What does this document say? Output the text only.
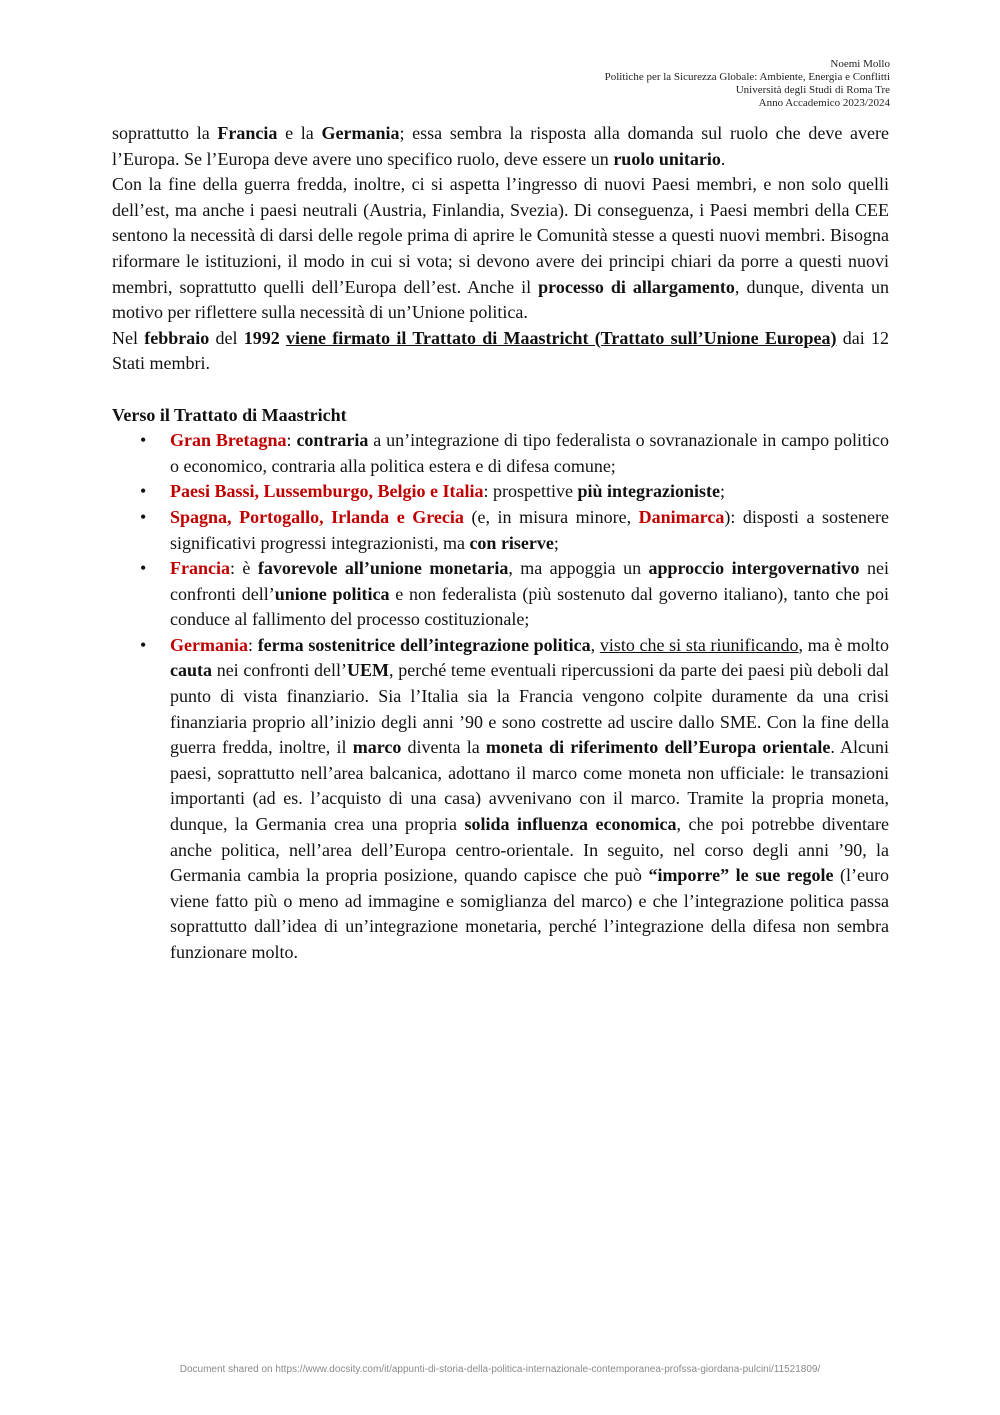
Noemi Mollo
Politiche per la Sicurezza Globale: Ambiente, Energia e Conflitti
Università degli Studi di Roma Tre
Anno Accademico 2023/2024

soprattutto la Francia e la Germania; essa sembra la risposta alla domanda sul ruolo che deve avere l’Europa. Se l’Europa deve avere uno specifico ruolo, deve essere un ruolo unitario.

Con la fine della guerra fredda, inoltre, ci si aspetta l’ingresso di nuovi Paesi membri, e non solo quelli dell’est, ma anche i paesi neutrali (Austria, Finlandia, Svezia). Di conseguenza, i Paesi membri della CEE sentono la necessità di darsi delle regole prima di aprire le Comunità stesse a questi nuovi membri. Bisogna riformare le istituzioni, il modo in cui si vota; si devono avere dei principi chiari da porre a questi nuovi membri, soprattutto quelli dell’Europa dell’est. Anche il processo di allargamento, dunque, diventa un motivo per riflettere sulla necessità di un’Unione politica.

Nel febbraio del 1992 viene firmato il Trattato di Maastricht (Trattato sull’Unione Europea) dai 12 Stati membri.

Verso il Trattato di Maastricht

• Gran Bretagna: contraria a un’integrazione di tipo federalista o sovranazionale in campo politico o economico, contraria alla politica estera e di difesa comune;
• Paesi Bassi, Lussemburgo, Belgio e Italia: prospettive più integrazioniste;
• Spagna, Portogallo, Irlanda e Grecia (e, in misura minore, Danimarca): disposti a sostenere significativi progressi integrazionisti, ma con riserve;
• Francia: è favorevole all’unione monetaria, ma appoggia un approccio intergovernativo nei confronti dell’unione politica e non federalista (più sostenuto dal governo italiano), tanto che poi conduce al fallimento del processo costituzionale;
• Germania: ferma sostenitrice dell’integrazione politica, visto che si sta riunificando, ma è molto cauta nei confronti dell’UEM, perché teme eventuali ripercussioni da parte dei paesi più deboli dal punto di vista finanziario. Sia l’Italia sia la Francia vengono colpite duramente da una crisi finanziaria proprio all’inizio degli anni ’90 e sono costrette ad uscire dallo SME. Con la fine della guerra fredda, inoltre, il marco diventa la moneta di riferimento dell’Europa orientale. Alcuni paesi, soprattutto nell’area balcanica, adottano il marco come moneta non ufficiale: le transazioni importanti (ad es. l’acquisto di una casa) avvenivano con il marco. Tramite la propria moneta, dunque, la Germania crea una propria solida influenza economica, che poi potrebbe diventare anche politica, nell’area dell’Europa centro-orientale. In seguito, nel corso degli anni ’90, la Germania cambia la propria posizione, quando capisce che può “imporre” le sue regole (l’euro viene fatto più o meno ad immagine e somiglianza del marco) e che l’integrazione politica passa soprattutto dall’idea di un’integrazione monetaria, perché l’integrazione della difesa non sembra funzionare molto.
Document shared on https://www.docsity.com/it/appunti-di-storia-della-politica-internazionale-contemporanea-profssa-giordana-pulcini/11521809/
